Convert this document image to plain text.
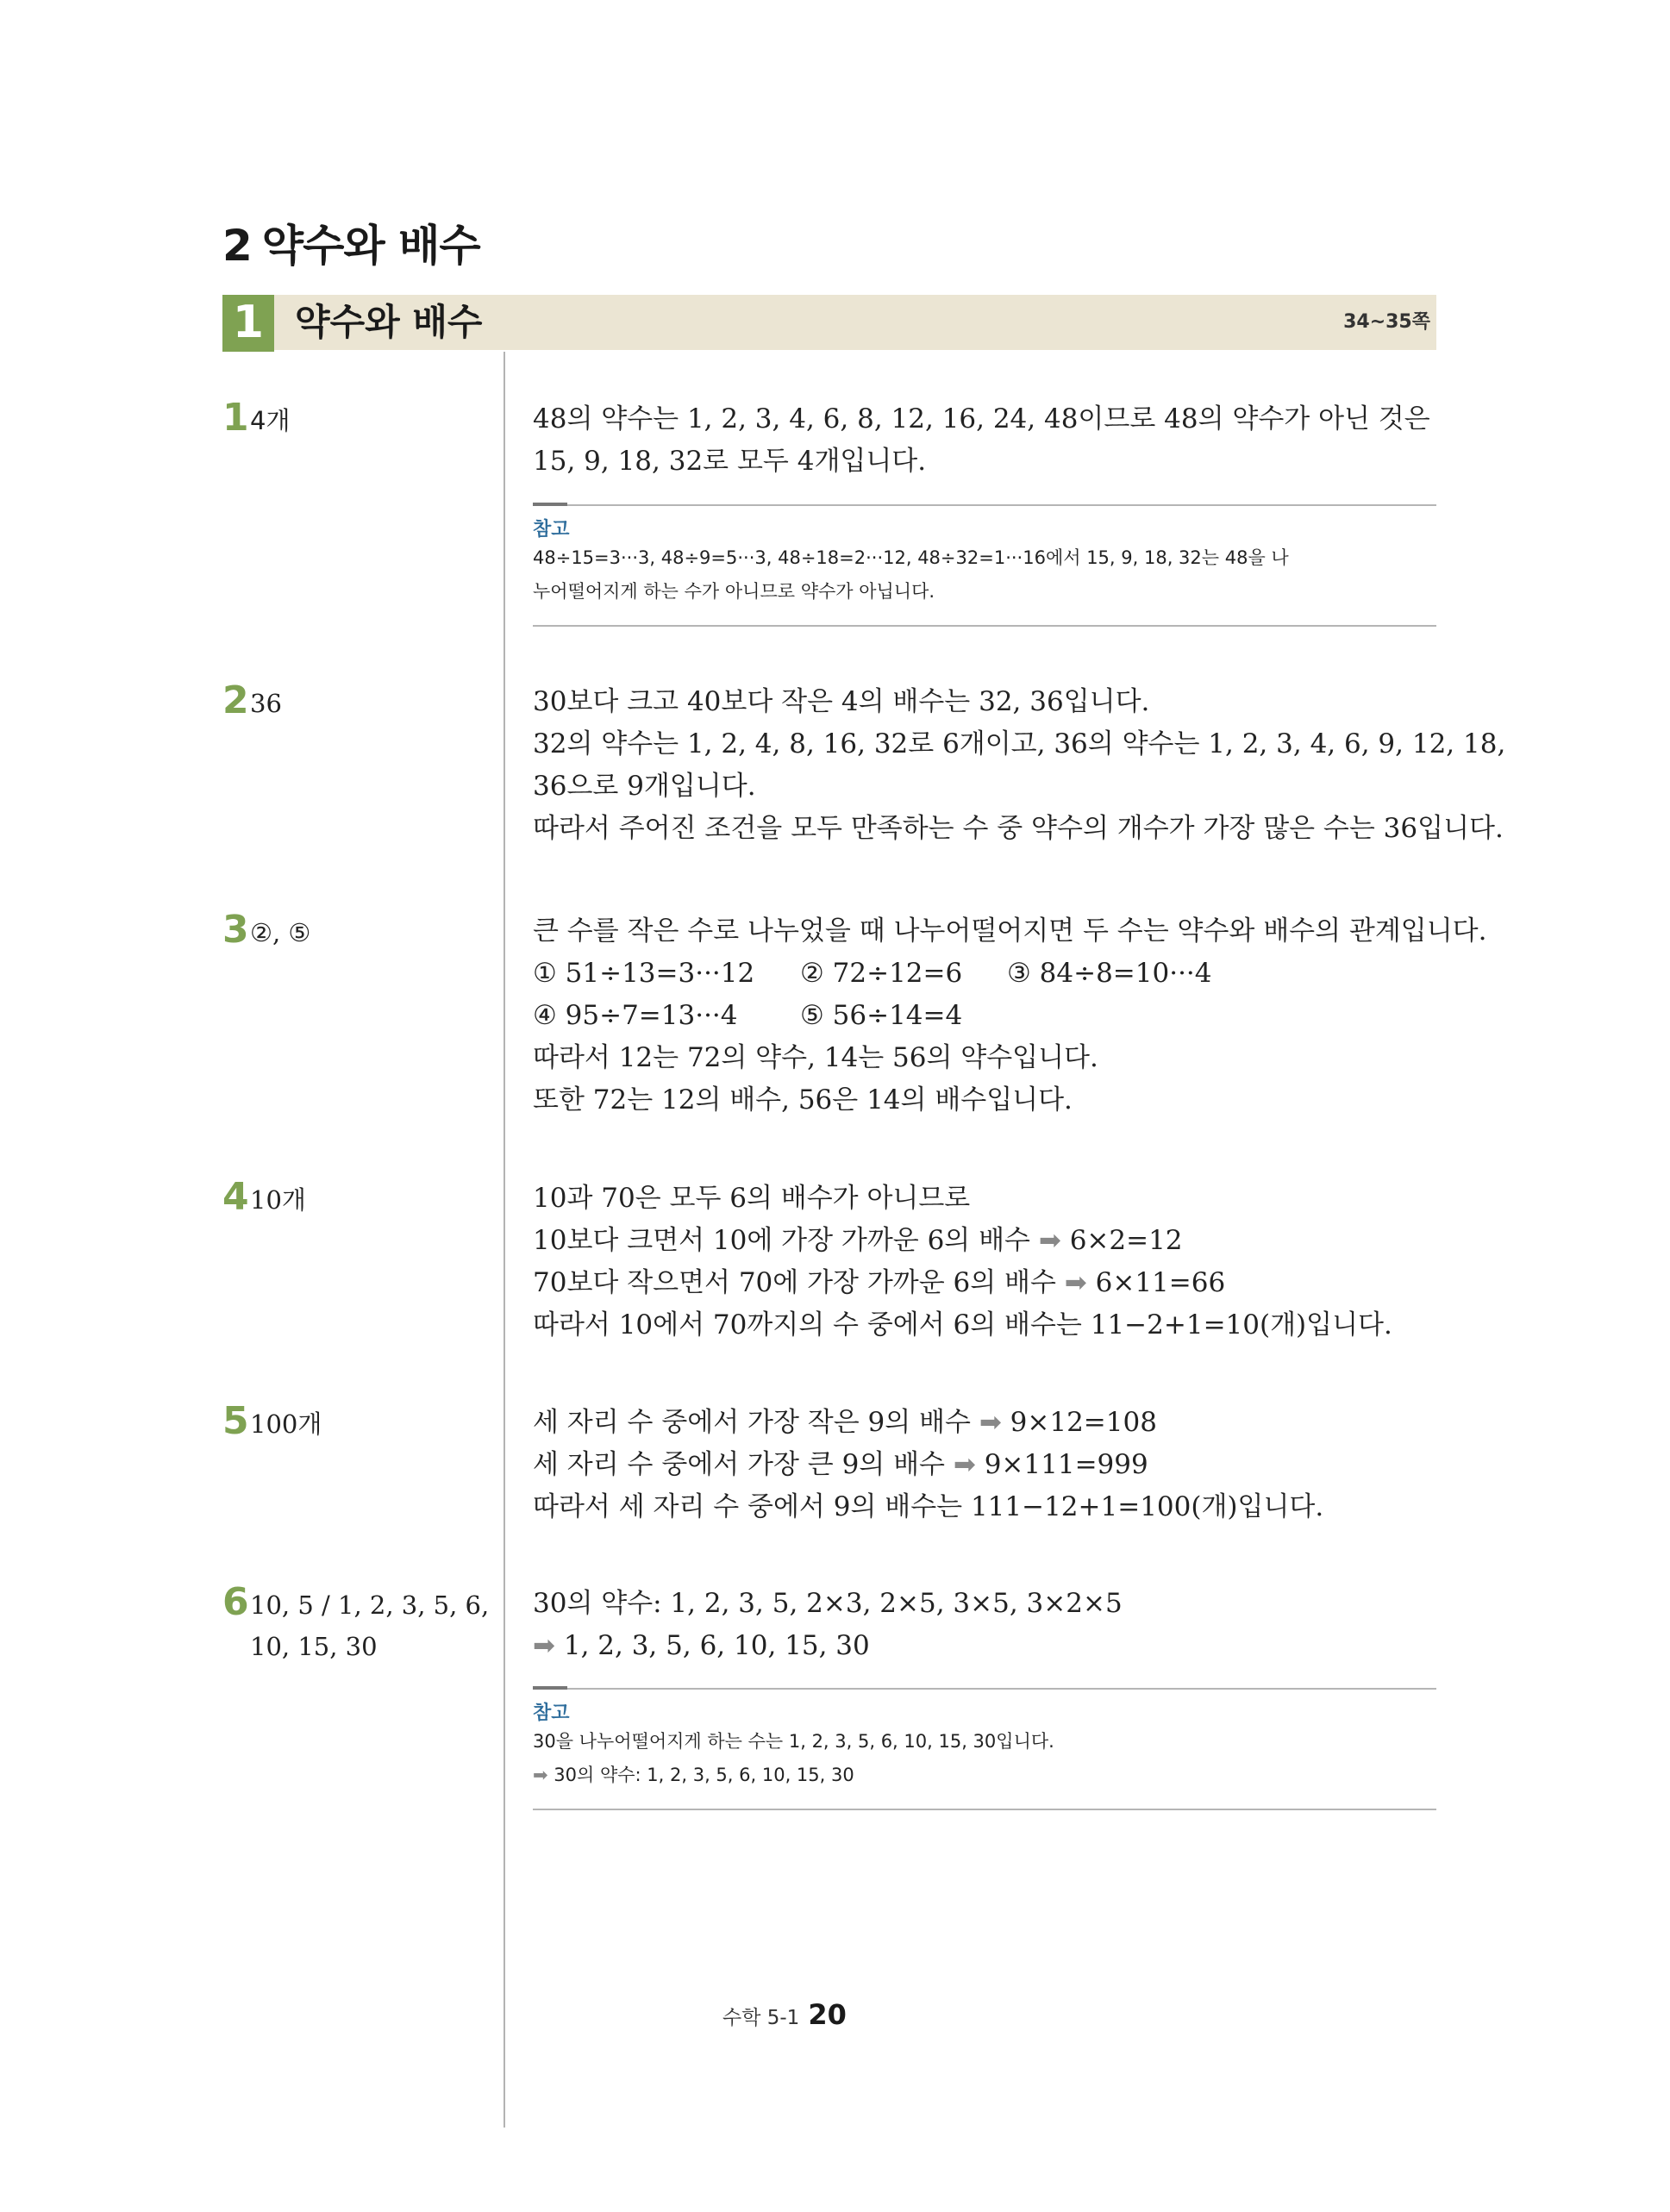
2 약수와 배수
1 약수와 배수	34~35쪽
1 4개	48의 약수는 1, 2, 3, 4, 6, 8, 12, 16, 24, 48이므로 48의 약수가 아닌 것은 15, 9, 18, 32로 모두 4개입니다.

참고

48÷15=3···3, 48÷9=5···3, 48÷18=2···12, 48÷32=1···16에서 15, 9, 18, 32는 48을 나

누어떨어지게 하는 수가 아니므로 약수가 아닙니다.

2 36	30보다 크고 40보다 작은 4의 배수는 32, 36입니다.

32의 약수는 1, 2, 4, 8, 16, 32로 6개이고, 36의 약수는 1, 2, 3, 4, 6, 9, 12, 18,

36으로 9개입니다.

따라서 주어진 조건을 모두 만족하는 수 중 약수의 개수가 가장 많은 수는 36입니다.

3 ②, ⑤	큰 수를 작은 수로 나누었을 때 나누어떨어지면 두 수는 약수와 배수의 관계입니다.

① 51÷13=3···12 ② 72÷12=6 ③ 84÷8=10···4

④ 95÷7=13···4 ⑤ 56÷14=4

따라서 12는 72의 약수, 14는 56의 약수입니다.

또한 72는 12의 배수, 56은 14의 배수입니다.

4 10개	10과 70은 모두 6의 배수가 아니므로

10보다 크면서 10에 가장 가까운 6의 배수 ➡ 6×2=12

70보다 작으면서 70에 가장 가까운 6의 배수 ➡ 6×11=66

따라서 10에서 70까지의 수 중에서 6의 배수는 11−2+1=10(개)입니다.

5 100개	세 자리 수 중에서 가장 작은 9의 배수 ➡ 9×12=108

세 자리 수 중에서 가장 큰 9의 배수 ➡ 9×111=999

따라서 세 자리 수 중에서 9의 배수는 111−12+1=100(개)입니다.

6 10, 5 / 1, 2, 3, 5, 6,
10, 15, 30

30의 약수: 1, 2, 3, 5, 2×3, 2×5, 3×5, 3×2×5

➡ 1, 2, 3, 5, 6, 10, 15, 30

참고

30을 나누어떨어지게 하는 수는 1, 2, 3, 5, 6, 10, 15, 30입니다.

➡ 30의 약수: 1, 2, 3, 5, 6, 10, 15, 30

수학 5-1 20
